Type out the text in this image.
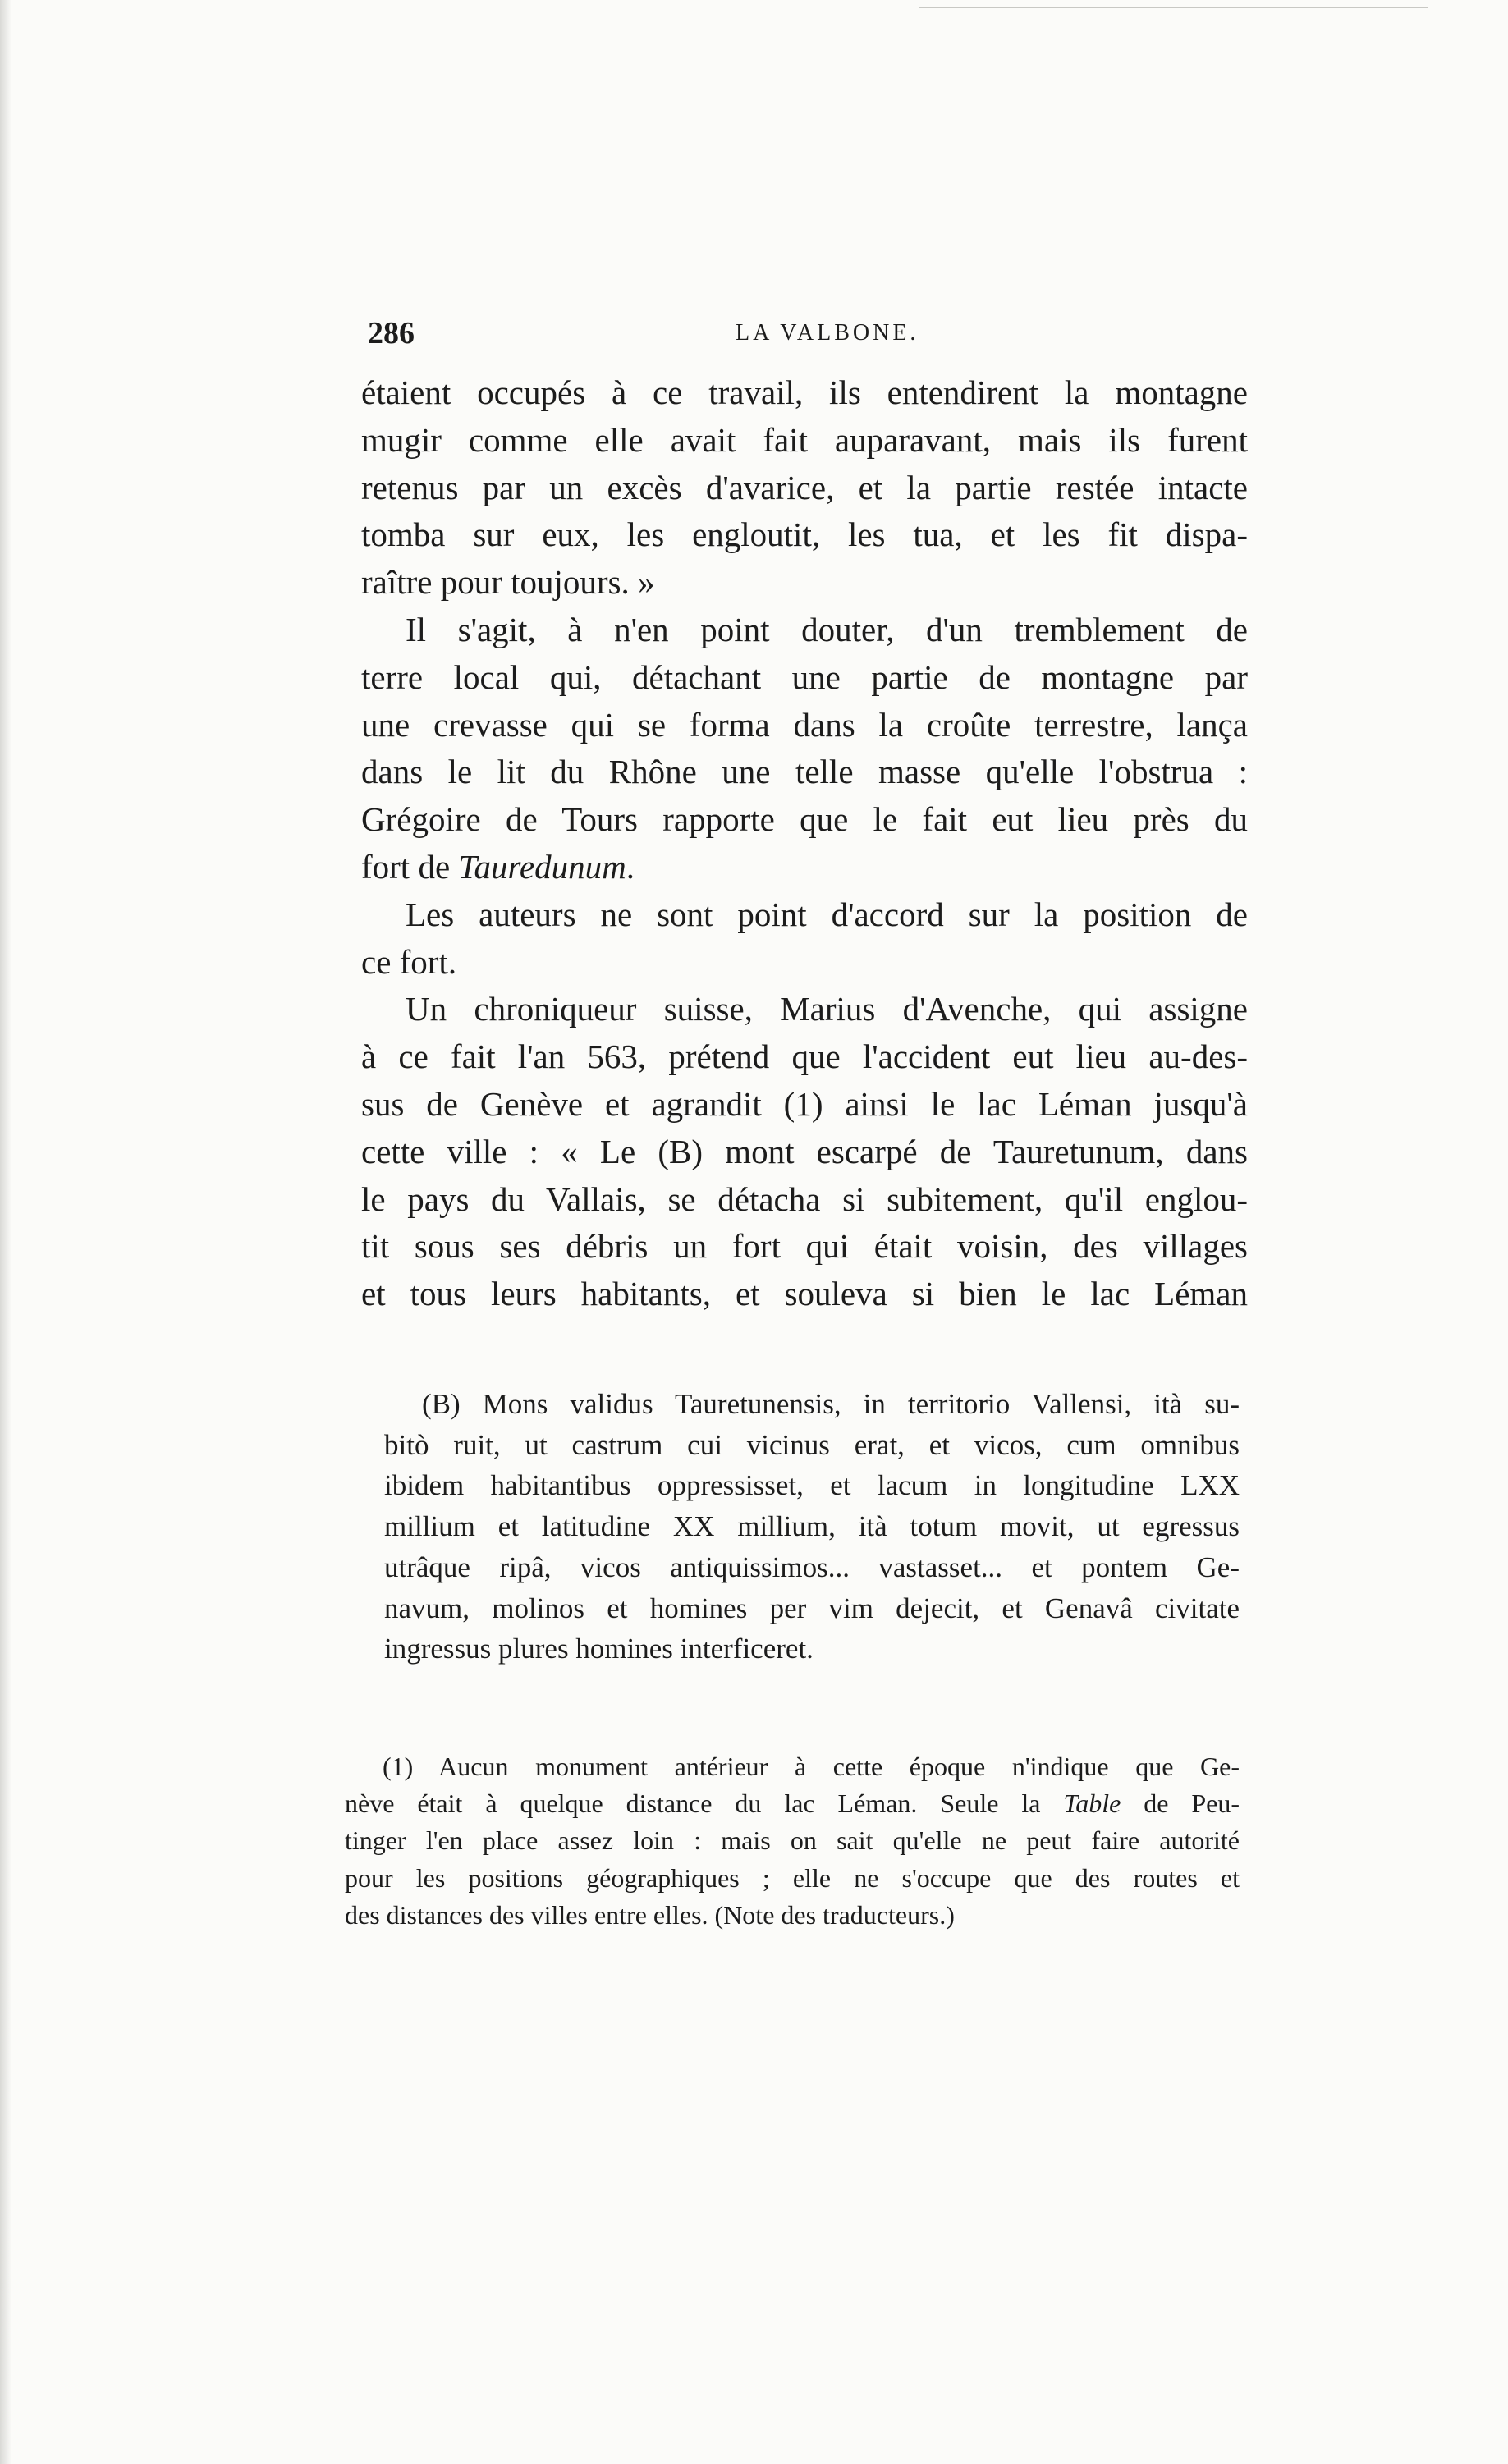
286	LA VALBONE.
étaient occupés à ce travail, ils entendirent la montagne
mugir comme elle avait fait auparavant, mais ils furent
retenus par un excès d'avarice, et la partie restée intacte
tomba sur eux, les engloutit, les tua, et les fit dispa-
raître pour toujours. »
Il s'agit, à n'en point douter, d'un tremblement de
terre local qui, détachant une partie de montagne par
une crevasse qui se forma dans la croûte terrestre, lança
dans le lit du Rhône une telle masse qu'elle l'obstrua :
Grégoire de Tours rapporte que le fait eut lieu près du
fort de Tauredunum.
Les auteurs ne sont point d'accord sur la position de
ce fort.
Un chroniqueur suisse, Marius d'Avenche, qui assigne
à ce fait l'an 563, prétend que l'accident eut lieu au-des-
sus de Genève et agrandit (1) ainsi le lac Léman jusqu'à
cette ville : « Le (B) mont escarpé de Tauretunum, dans
le pays du Vallais, se détacha si subitement, qu'il englou-
tit sous ses débris un fort qui était voisin, des villages
et tous leurs habitants, et souleva si bien le lac Léman
(B) Mons validus Tauretunensis, in territorio Vallensi, ità su-
bitò ruit, ut castrum cui vicinus erat, et vicos, cum omnibus
ibidem habitantibus oppressisset, et lacum in longitudine LXX
millium et latitudine XX millium, ità totum movit, ut egressus
utrâque ripâ, vicos antiquissimos... vastasset... et pontem Ge-
navum, molinos et homines per vim dejecit, et Genavâ civitate
ingressus plures homines interficeret.
(1) Aucun monument antérieur à cette époque n'indique que Ge-
nève était à quelque distance du lac Léman. Seule la Table de Peu-
tinger l'en place assez loin : mais on sait qu'elle ne peut faire autorité
pour les positions géographiques ; elle ne s'occupe que des routes et
des distances des villes entre elles. (Note des traducteurs.)
